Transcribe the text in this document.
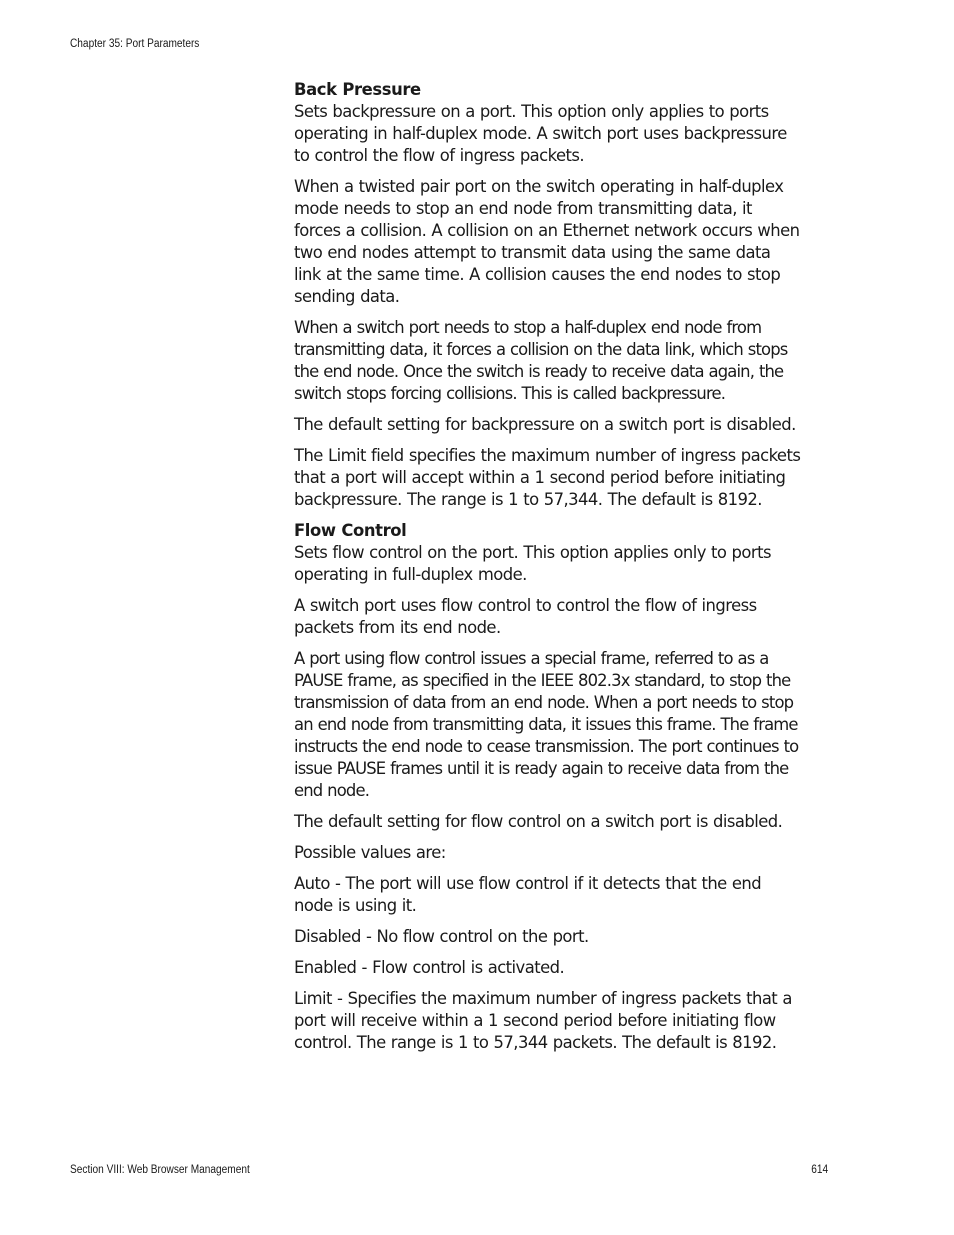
Chapter 35: Port Parameters

Back Pressure

Sets backpressure on a port. This option only applies to ports operating in half-duplex mode. A switch port uses backpressure to control the flow of ingress packets.

When a twisted pair port on the switch operating in half-duplex mode needs to stop an end node from transmitting data, it forces a collision. A collision on an Ethernet network occurs when two end nodes attempt to transmit data using the same data link at the same time. A collision causes the end nodes to stop sending data.

When a switch port needs to stop a half-duplex end node from transmitting data, it forces a collision on the data link, which stops the end node. Once the switch is ready to receive data again, the switch stops forcing collisions. This is called backpressure.

The default setting for backpressure on a switch port is disabled.

The Limit field specifies the maximum number of ingress packets that a port will accept within a 1 second period before initiating backpressure. The range is 1 to 57,344. The default is 8192.

Flow Control

Sets flow control on the port. This option applies only to ports operating in full-duplex mode.

A switch port uses flow control to control the flow of ingress packets from its end node.

A port using flow control issues a special frame, referred to as a PAUSE frame, as specified in the IEEE 802.3x standard, to stop the transmission of data from an end node. When a port needs to stop an end node from transmitting data, it issues this frame. The frame instructs the end node to cease transmission. The port continues to issue PAUSE frames until it is ready again to receive data from the end node.

The default setting for flow control on a switch port is disabled.

Possible values are:

Auto - The port will use flow control if it detects that the end node is using it.

Disabled - No flow control on the port.

Enabled - Flow control is activated.

Limit - Specifies the maximum number of ingress packets that a port will receive within a 1 second period before initiating flow control. The range is 1 to 57,344 packets. The default is 8192.

Section VIII: Web Browser Management	614
